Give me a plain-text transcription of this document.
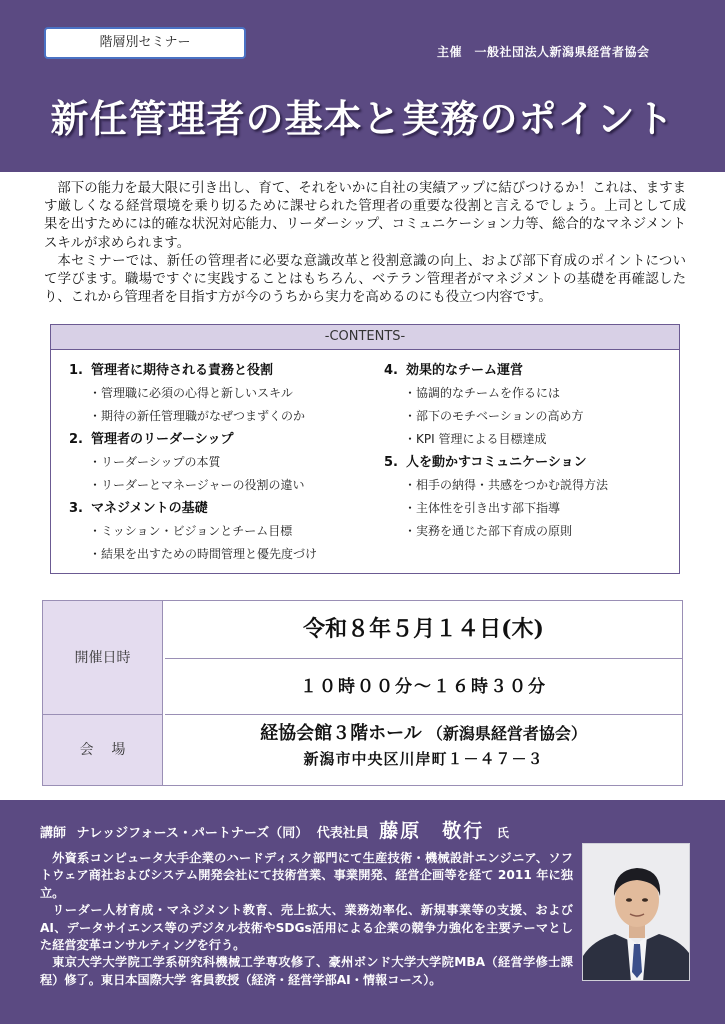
階層別セミナー
主催　一般社団法人新潟県経営者協会
新任管理者の基本と実務のポイント

部下の能力を最大限に引き出し、育て、それをいかに自社の実績アップに結びつけるか！これは、ますます厳しくなる経営環境を乗り切るために課せられた管理者の重要な役割と言えるでしょう。上司として成果を出すためには的確な状況対応能力、リーダーシップ、コミュニケーション力等、総合的なマネジメントスキルが求められます。

本セミナーでは、新任の管理者に必要な意識改革と役割意識の向上、および部下育成のポイントについて学びます。職場ですぐに実践することはもちろん、ベテラン管理者がマネジメントの基礎を再確認したり、これから管理者を目指す方が今のうちから実力を高めるのにも役立つ内容です。

-CONTENTS-
1. 管理者に期待される責務と役割
・管理職に必須の心得と新しいスキル
・期待の新任管理職がなぜつまずくのか
2. 管理者のリーダーシップ
・リーダーシップの本質
・リーダーとマネージャーの役割の違い
3. マネジメントの基礎
・ミッション・ビジョンとチーム目標
・結果を出すための時間管理と優先度づけ
4. 効果的なチーム運営
・協調的なチームを作るには
・部下のモチベーションの高め方
・KPI 管理による目標達成
5. 人を動かすコミュニケーション
・相手の納得・共感をつかむ説得方法
・主体性を引き出す部下指導
・実務を通じた部下育成の原則
開催日時
令和８年５月１４日(木)
１０時００分～１６時３０分
会場
経協会館３階ホール （新潟県経営者協会）
新潟市中央区川岸町１－４７－３
講師 ナレッジフォース・パートナーズ（同） 代表社員 藤原　敬行 氏

外資系コンピュータ大手企業のハードディスク部門にて生産技術・機械設計エンジニア、ソフトウェア商社およびシステム開発会社にて技術営業、事業開発、経営企画等を経て 2011 年に独立。

リーダー人材育成・マネジメント教育、売上拡大、業務効率化、新規事業等の支援、およびAI、データサイエンス等のデジタル技術やSDGs活用による企業の競争力強化を主要テーマとした経営変革コンサルティングを行う。

東京大学大学院工学系研究科機械工学専攻修了、豪州ボンド大学大学院MBA（経営学修士課程）修了。東日本国際大学 客員教授（経済・経営学部AI・情報コース）。
